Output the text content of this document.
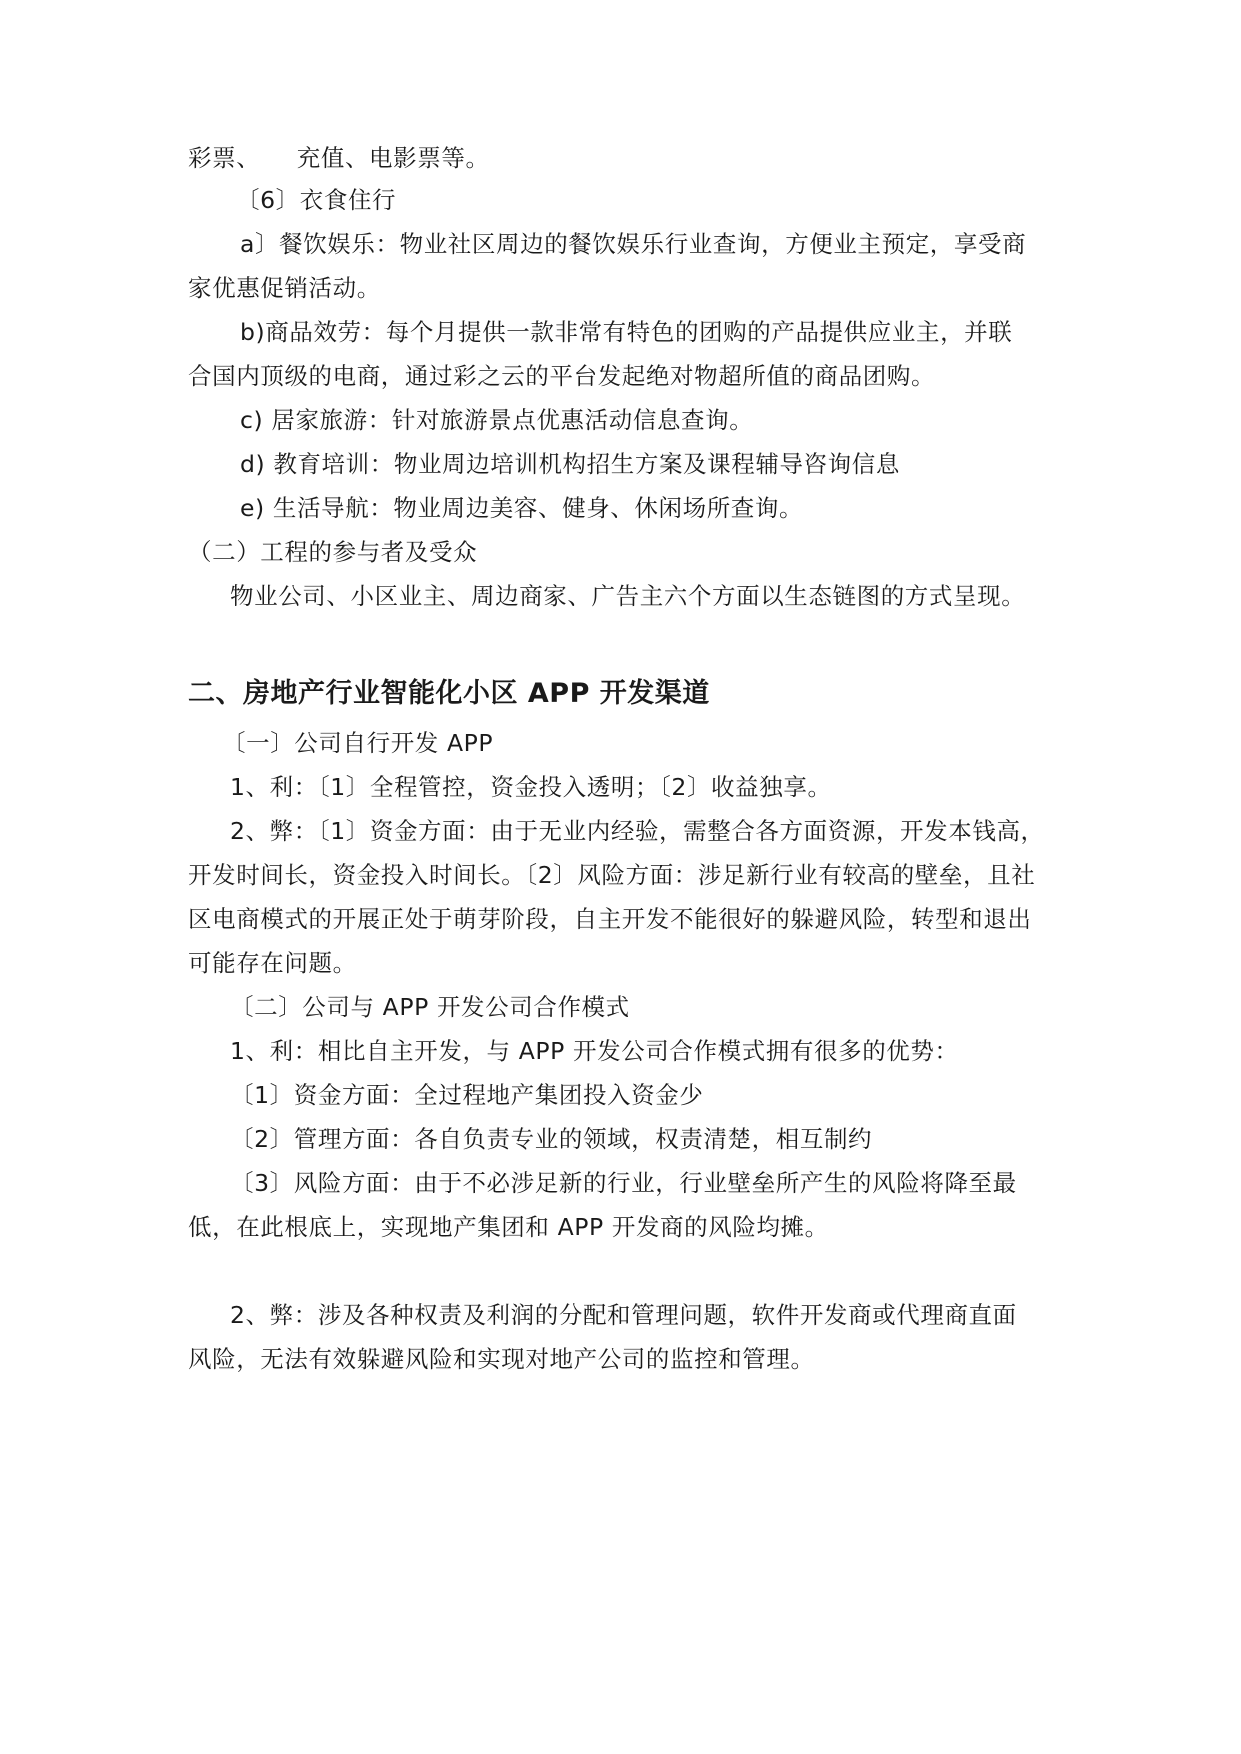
彩票、　　充值、电影票等。
〔6〕衣食住行
a〕餐饮娱乐：物业社区周边的餐饮娱乐行业查询，方便业主预定，享受商
家优惠促销活动。
b)商品效劳：每个月提供一款非常有特色的团购的产品提供应业主，并联
合国内顶级的电商，通过彩之云的平台发起绝对物超所值的商品团购。
c) 居家旅游：针对旅游景点优惠活动信息查询。
d) 教育培训：物业周边培训机构招生方案及课程辅导咨询信息
e) 生活导航：物业周边美容、健身、休闲场所查询。
（二）工程的参与者及受众
物业公司、小区业主、周边商家、广告主六个方面以生态链图的方式呈现。
二、房地产行业智能化小区 APP 开发渠道
〔一〕公司自行开发 APP
1、利：〔1〕全程管控，资金投入透明；〔2〕收益独享。
2、弊：〔1〕资金方面：由于无业内经验，需整合各方面资源，开发本钱高，
开发时间长，资金投入时间长。〔2〕风险方面：涉足新行业有较高的壁垒，且社
区电商模式的开展正处于萌芽阶段，自主开发不能很好的躲避风险，转型和退出
可能存在问题。
〔二〕公司与 APP 开发公司合作模式
1、利：相比自主开发，与 APP 开发公司合作模式拥有很多的优势：
〔1〕资金方面：全过程地产集团投入资金少
〔2〕管理方面：各自负责专业的领域，权责清楚，相互制约
〔3〕风险方面：由于不必涉足新的行业，行业壁垒所产生的风险将降至最
低，在此根底上，实现地产集团和 APP 开发商的风险均摊。
2、弊：涉及各种权责及利润的分配和管理问题，软件开发商或代理商直面
风险，无法有效躲避风险和实现对地产公司的监控和管理。
